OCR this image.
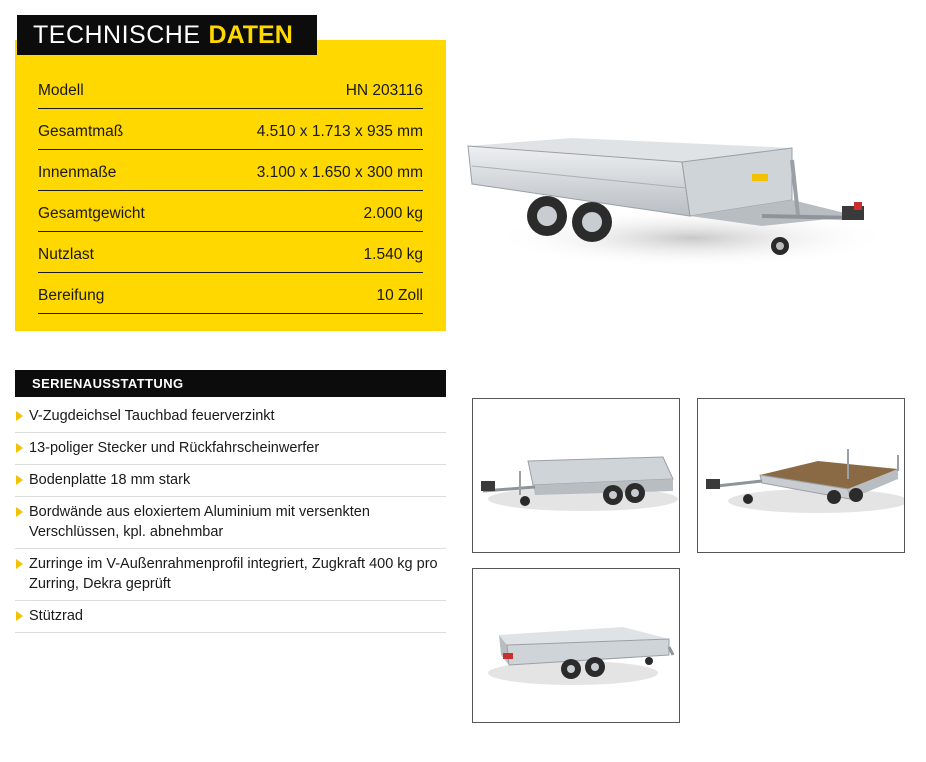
Modell	HN 203116
Gesamtmaß	4.510 x 1.713 x 935 mm
Innenmaße	3.100 x 1.650 x 300 mm
Gesamtgewicht	2.000 kg
Nutzlast	1.540 kg
Bereifung	10 Zoll
TECHNISCHE DATEN
SERIENAUSSTATTUNG
V-Zugdeichsel Tauchbad feuerverzinkt
13-poliger Stecker und Rückfahrscheinwerfer
Bodenplatte 18 mm stark
Bordwände aus eloxiertem Aluminium mit versenkten Verschlüssen, kpl. abnehmbar
Zurringe im V-Außenrahmenprofil integriert, Zugkraft 400 kg pro Zurring, Dekra geprüft
Stützrad
